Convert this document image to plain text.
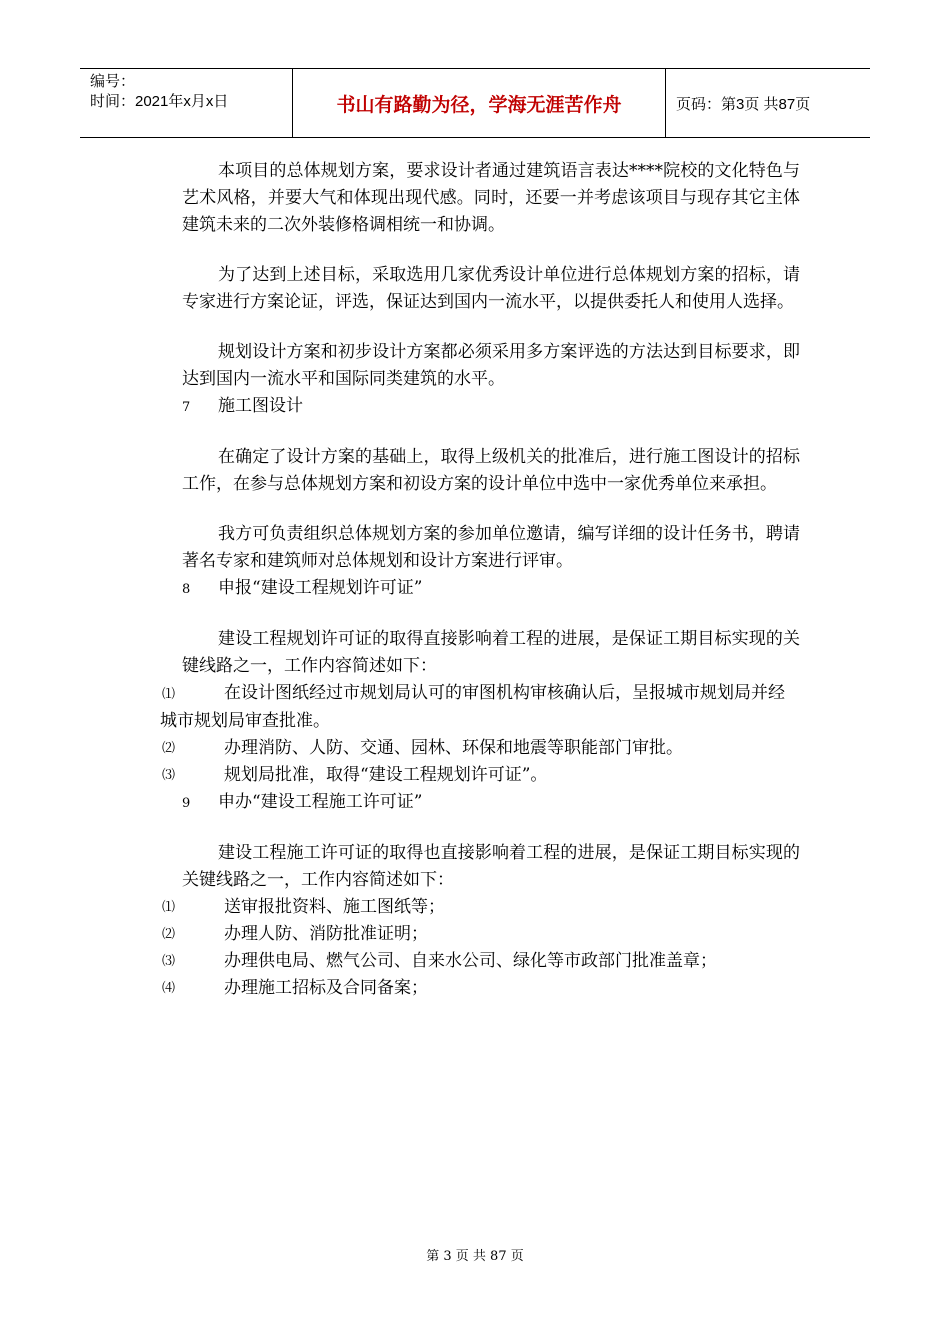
编号：
时间：2021年x月x日	书山有路勤为径，学海无涯苦作舟	页码：第3页 共87页

本项目的总体规划方案，要求设计者通过建筑语言表达****院校的文化特色与艺术风格，并要大气和体现出现代感。同时，还要一并考虑该项目与现存其它主体建筑未来的二次外装修格调相统一和协调。

为了达到上述目标，采取选用几家优秀设计单位进行总体规划方案的招标，请专家进行方案论证，评选，保证达到国内一流水平，以提供委托人和使用人选择。

规划设计方案和初步设计方案都必须采用多方案评选的方法达到目标要求，即达到国内一流水平和国际同类建筑的水平。

7 施工图设计

在确定了设计方案的基础上，取得上级机关的批准后，进行施工图设计的招标工作，在参与总体规划方案和初设方案的设计单位中选中一家优秀单位来承担。

我方可负责组织总体规划方案的参加单位邀请，编写详细的设计任务书，聘请著名专家和建筑师对总体规划和设计方案进行评审。

8 申报“建设工程规划许可证”

建设工程规划许可证的取得直接影响着工程的进展，是保证工期目标实现的关键线路之一，工作内容简述如下：

⑴	在设计图纸经过市规划局认可的审图机构审核确认后，呈报城市规划局并经城市规划局审查批准。
⑵	办理消防、人防、交通、园林、环保和地震等职能部门审批。
⑶	规划局批准，取得“建设工程规划许可证”。

9 申办“建设工程施工许可证”

建设工程施工许可证的取得也直接影响着工程的进展，是保证工期目标实现的关键线路之一，工作内容简述如下：

⑴	送审报批资料、施工图纸等；
⑵	办理人防、消防批准证明；
⑶	办理供电局、燃气公司、自来水公司、绿化等市政部门批准盖章；
⑷	办理施工招标及合同备案；
第 3 页 共 87 页
